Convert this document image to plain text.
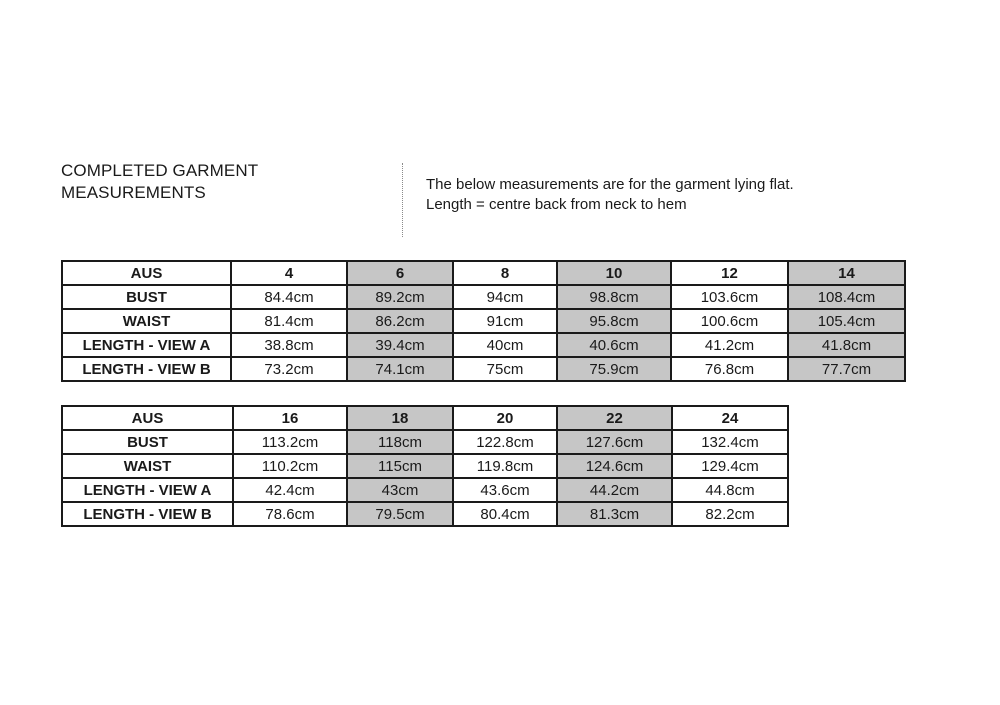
COMPLETED GARMENT
MEASUREMENTS	The below measurements are for the garment lying flat.
Length = centre back from neck to hem
AUS	4	6	8	10	12	14
BUST	84.4cm	89.2cm	94cm	98.8cm	103.6cm	108.4cm
WAIST	81.4cm	86.2cm	91cm	95.8cm	100.6cm	105.4cm
LENGTH - VIEW A	38.8cm	39.4cm	40cm	40.6cm	41.2cm	41.8cm
LENGTH - VIEW B	73.2cm	74.1cm	75cm	75.9cm	76.8cm	77.7cm
AUS	16	18	20	22	24
BUST	113.2cm	118cm	122.8cm	127.6cm	132.4cm
WAIST	110.2cm	115cm	119.8cm	124.6cm	129.4cm
LENGTH - VIEW A	42.4cm	43cm	43.6cm	44.2cm	44.8cm
LENGTH - VIEW B	78.6cm	79.5cm	80.4cm	81.3cm	82.2cm
